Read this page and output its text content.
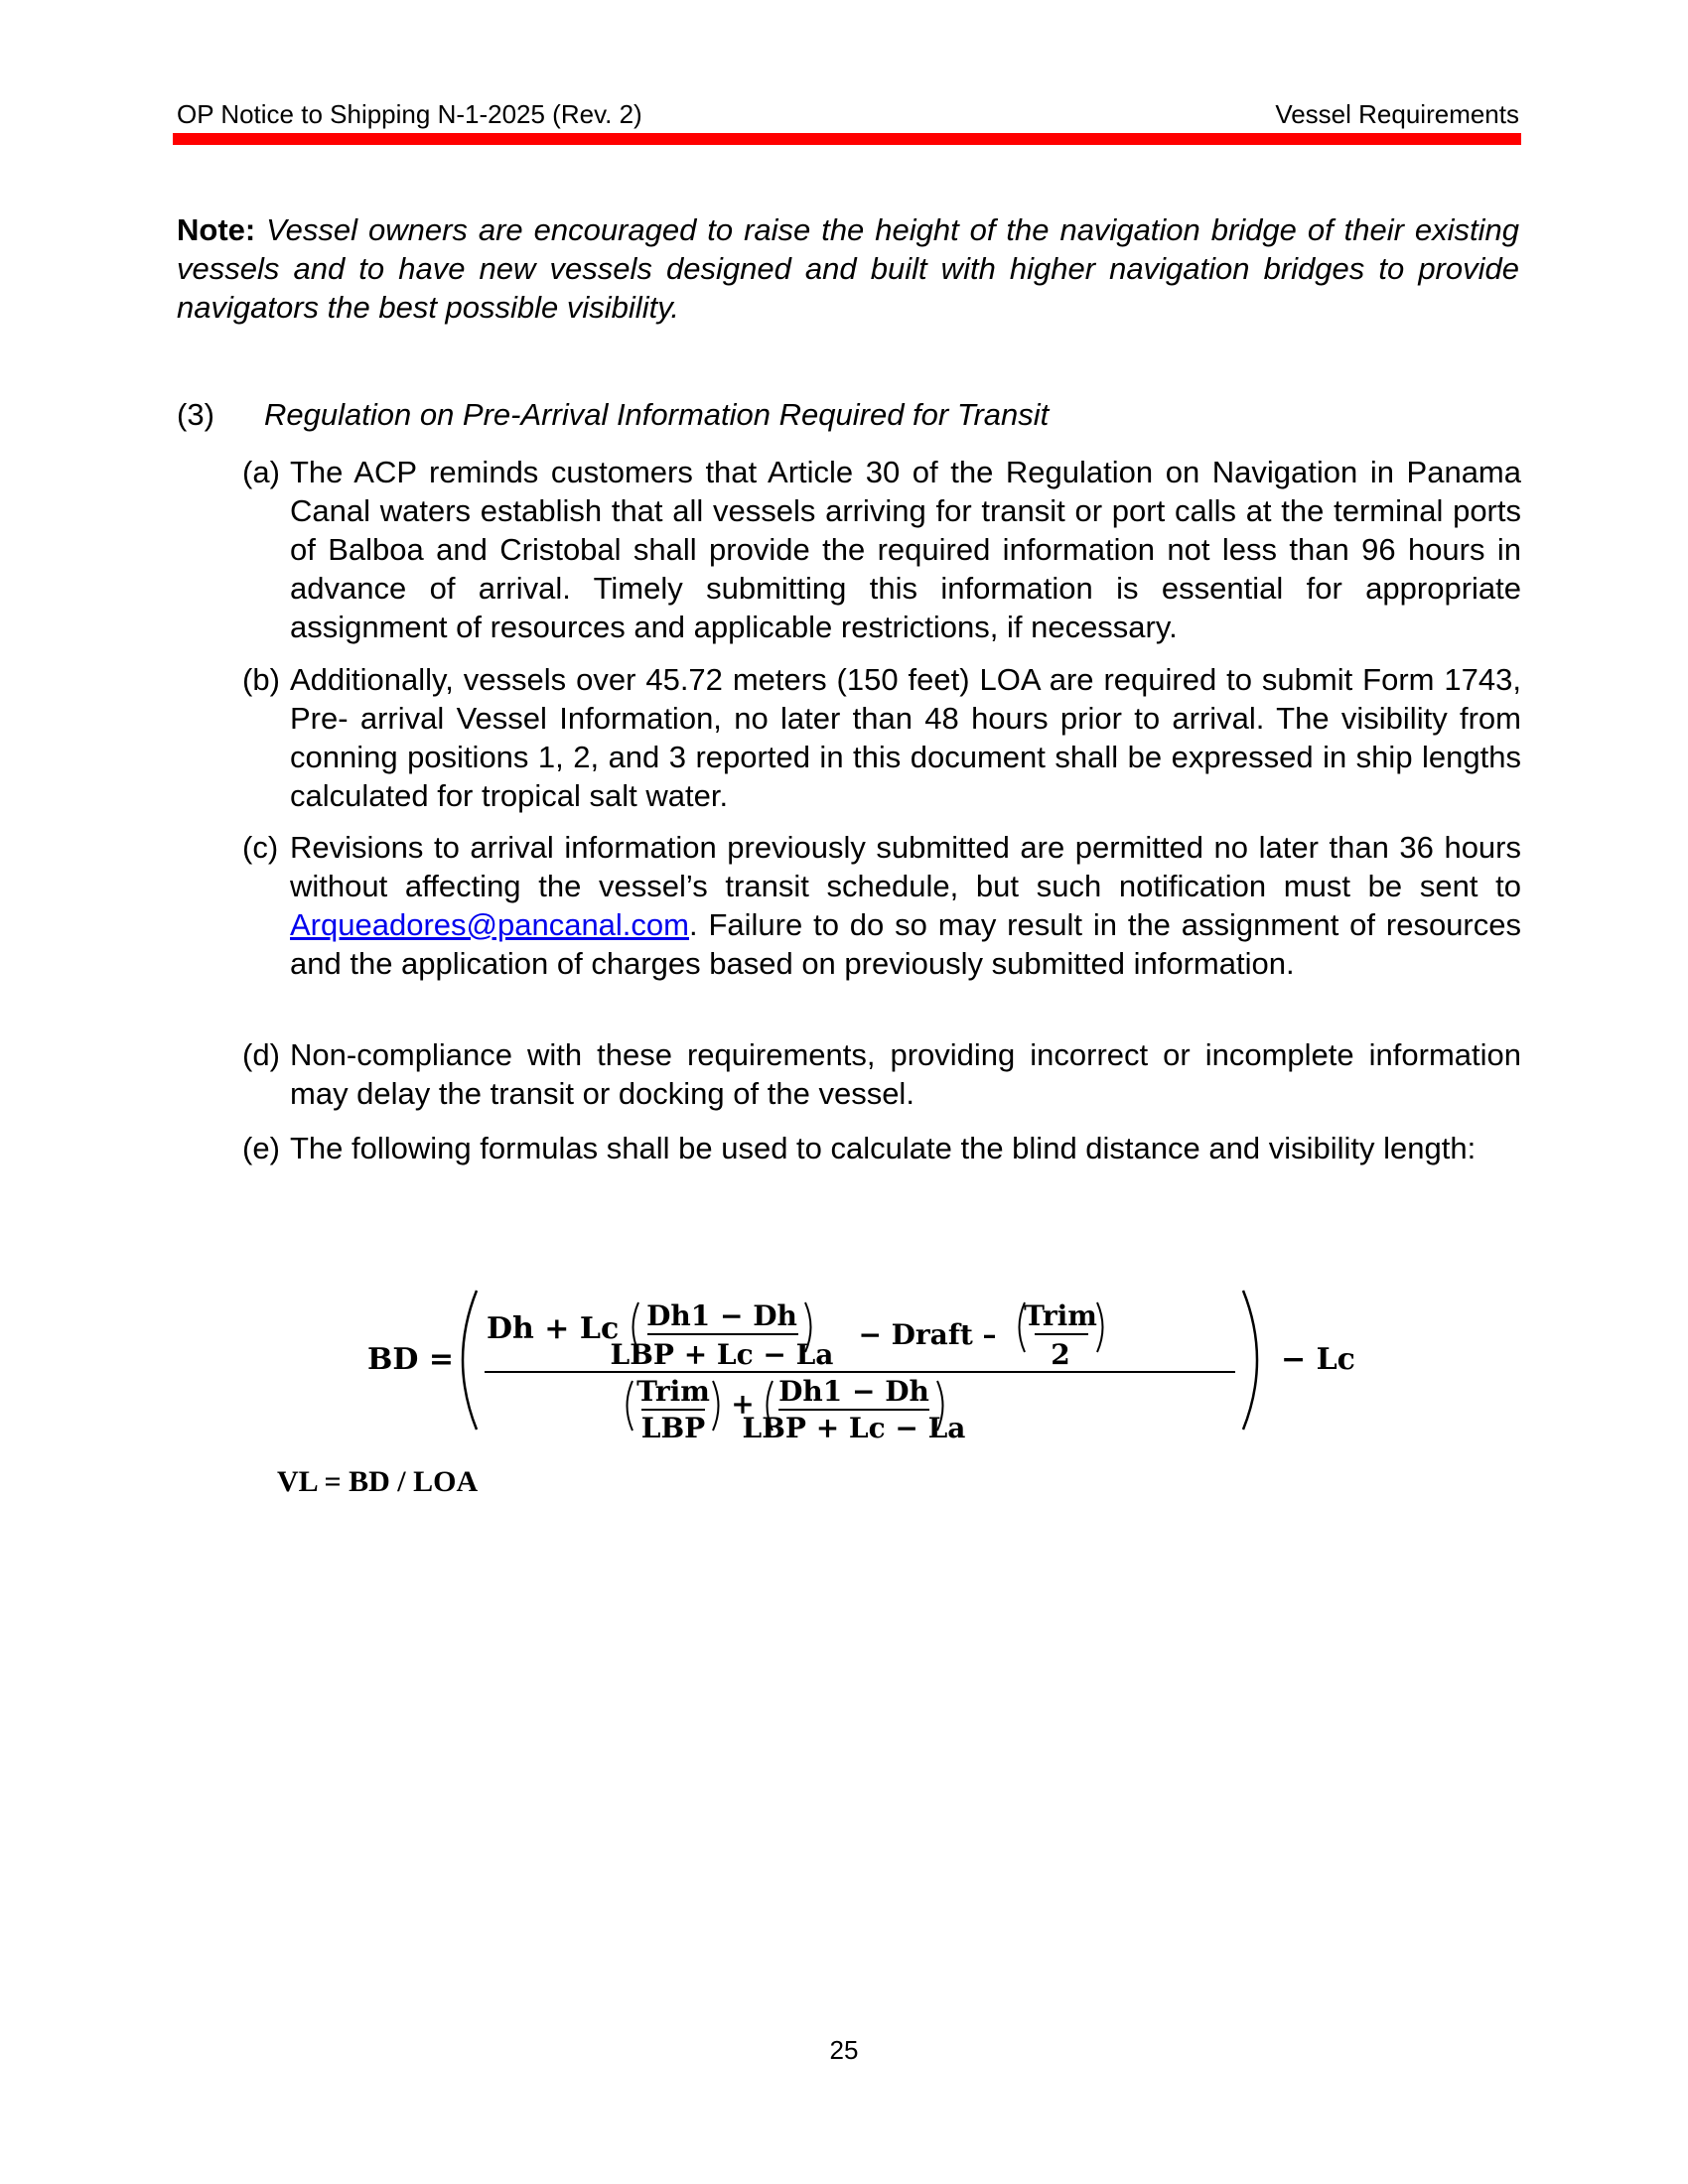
OP Notice to Shipping N-1-2025 (Rev. 2)	Vessel Requirements
Note: Vessel owners are encouraged to raise the height of the navigation bridge of their existing vessels and to have new vessels designed and built with higher navigation bridges to provide navigators the best possible visibility.
(3) Regulation on Pre-Arrival Information Required for Transit
(a) The ACP reminds customers that Article 30 of the Regulation on Navigation in Panama Canal waters establish that all vessels arriving for transit or port calls at the terminal ports of Balboa and Cristobal shall provide the required information not less than 96 hours in advance of arrival. Timely submitting this information is essential for appropriate assignment of resources and applicable restrictions, if necessary.
(b) Additionally, vessels over 45.72 meters (150 feet) LOA are required to submit Form 1743, Pre- arrival Vessel Information, no later than 48 hours prior to arrival. The visibility from conning positions 1, 2, and 3 reported in this document shall be expressed in ship lengths calculated for tropical salt water.
(c) Revisions to arrival information previously submitted are permitted no later than 36 hours without affecting the vessel’s transit schedule, but such notification must be sent to Arqueadores@pancanal.com. Failure to do so may result in the assignment of resources and the application of charges based on previously submitted information.
(d) Non-compliance with these requirements, providing incorrect or incomplete information may delay the transit or docking of the vessel.
(e) The following formulas shall be used to calculate the blind distance and visibility length:
BD =
Dh + Lc Dh1 − Dh
LBP + Lc − La
− Draft –
Trim
2
Trim
LBP
+ Dh1 − Dh
LBP + Lc − La
− Lc
VL = BD / LOA
25
